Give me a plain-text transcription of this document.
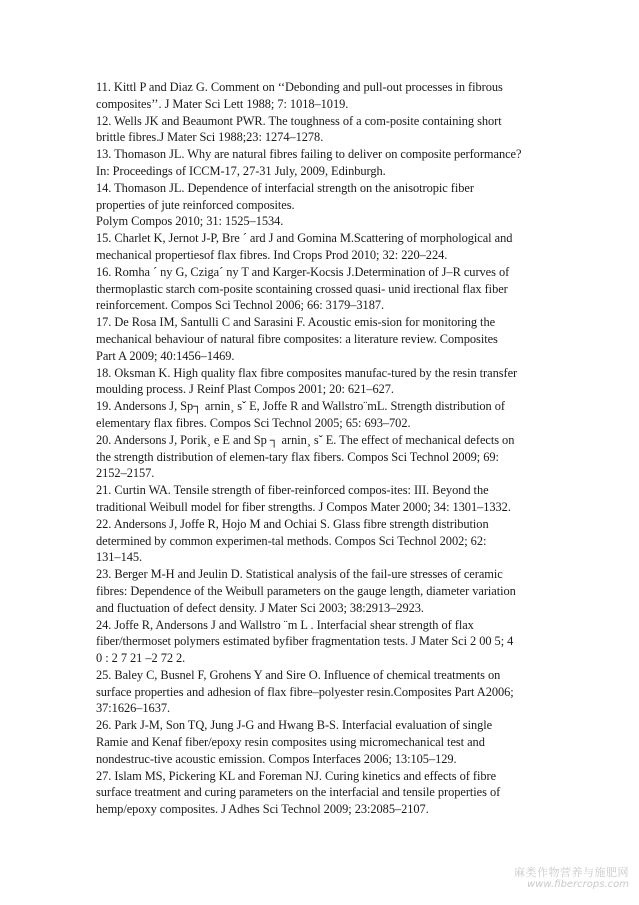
11. Kittl P and Diaz G. Comment on ‘‘Debonding and pull-out processes in fibrous
composites’’. J Mater Sci Lett 1988; 7: 1018–1019.
12. Wells JK and Beaumont PWR. The toughness of a com-posite containing short
brittle fibres.J Mater Sci 1988;23: 1274–1278.
13. Thomason JL. Why are natural fibres failing to deliver on composite performance?
In: Proceedings of ICCM-17, 27-31 July, 2009, Edinburgh.
14. Thomason JL. Dependence of interfacial strength on the anisotropic fiber
properties of jute reinforced composites.
Polym Compos 2010; 31: 1525–1534.
15. Charlet K, Jernot J-P, Bre ´ ard J and Gomina M.Scattering of morphological and
mechanical propertiesof flax fibres. Ind Crops Prod 2010; 32: 220–224.
16. Romha ´ ny G, Cziga´ ny T and Karger-Kocsis J.Determination of J–R curves of
thermoplastic starch com-posite scontaining crossed quasi- unid irectional flax fiber
reinforcement. Compos Sci Technol 2006; 66: 3179–3187.
17. De Rosa IM, Santulli C and Sarasini F. Acoustic emis-sion for monitoring the
mechanical behaviour of natural fibre composites: a literature review. Composites
Part A 2009; 40:1456–1469.
18. Oksman K. High quality flax fibre composites manufac-tured by the resin transfer
moulding process. J Reinf Plast Compos 2001; 20: 621–627.
19. Andersons J, Sp┐ arnin¸ sˇ E, Joffe R and Wallstro¨mL. Strength distribution of
elementary flax fibres. Compos Sci Technol 2005; 65: 693–702.
20. Andersons J, Porik¸ e E and Sp ┐ arnin¸ sˇ E. The effect of mechanical defects on
the strength distribution of elemen-tary flax fibers. Compos Sci Technol 2009; 69:
2152–2157.
21. Curtin WA. Tensile strength of fiber-reinforced compos-ites: III. Beyond the
traditional Weibull model for fiber strengths. J Compos Mater 2000; 34: 1301–1332.
22. Andersons J, Joffe R, Hojo M and Ochiai S. Glass fibre strength distribution
determined by common experimen-tal methods. Compos Sci Technol 2002; 62:
131–145.
23. Berger M-H and Jeulin D. Statistical analysis of the fail-ure stresses of ceramic
fibres: Dependence of the Weibull parameters on the gauge length, diameter variation
and fluctuation of defect density. J Mater Sci 2003; 38:2913–2923.
24. Joffe R, Andersons J and Wallstro ¨m L . Interfacial shear strength of flax
fiber/thermoset polymers estimated byfiber fragmentation tests. J Mater Sci 2 00 5; 4
0 : 2 7 21 –2 72 2.
25. Baley C, Busnel F, Grohens Y and Sire O. Influence of chemical treatments on
surface properties and adhesion of flax fibre–polyester resin.Composites Part A2006;
37:1626–1637.
26. Park J-M, Son TQ, Jung J-G and Hwang B-S. Interfacial evaluation of single
Ramie and Kenaf fiber/epoxy resin composites using micromechanical test and
nondestruc-tive acoustic emission. Compos Interfaces 2006; 13:105–129.
27. Islam MS, Pickering KL and Foreman NJ. Curing kinetics and effects of fibre
surface treatment and curing parameters on the interfacial and tensile properties of
hemp/epoxy composites. J Adhes Sci Technol 2009; 23:2085–2107.
麻类作物营养与施肥网
www.fibercrops.com
